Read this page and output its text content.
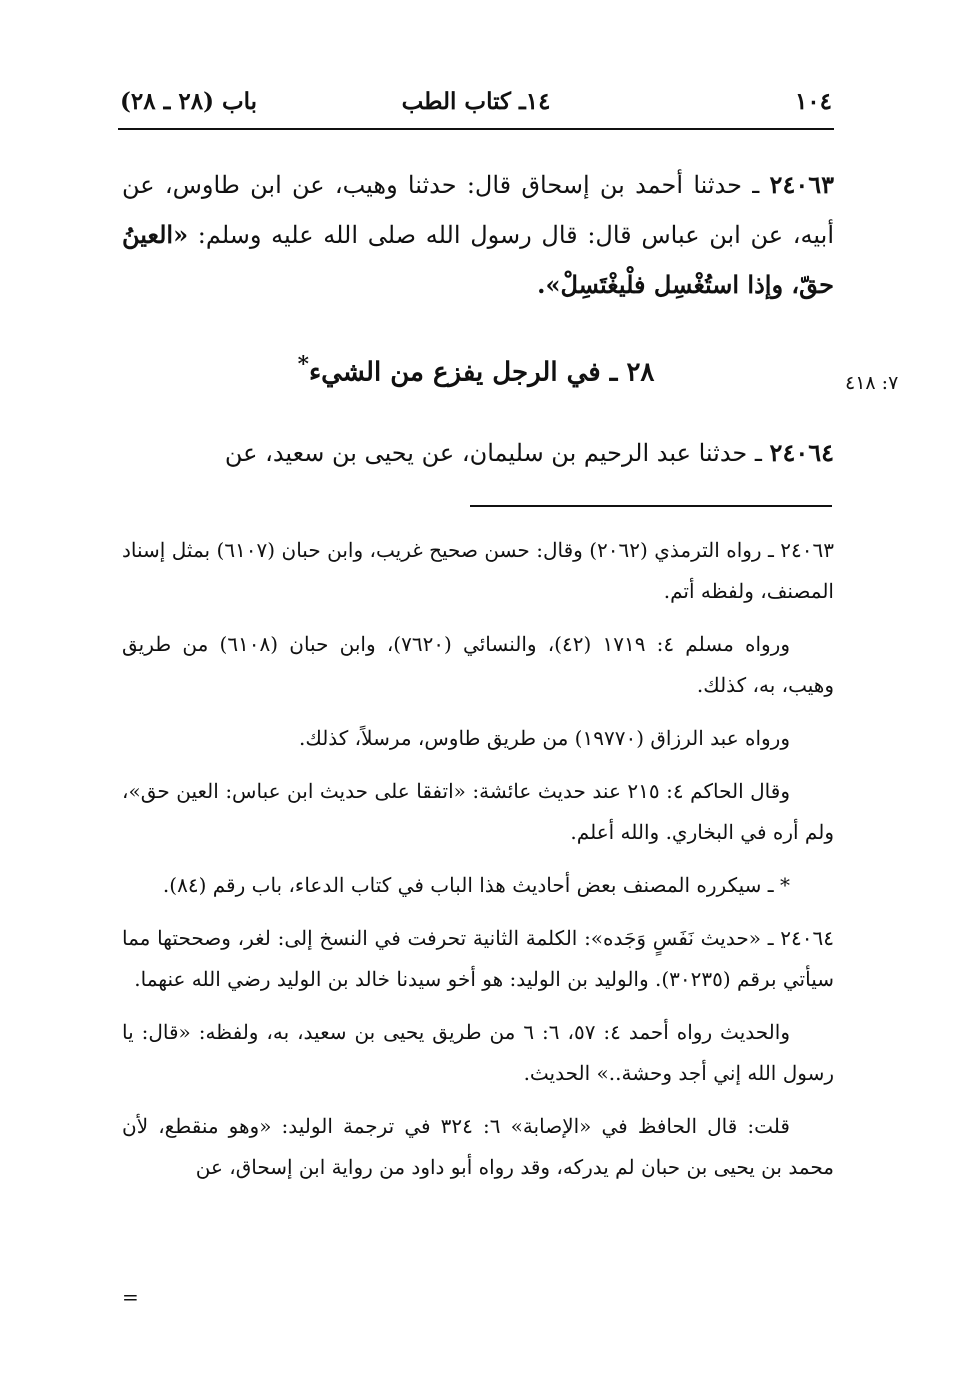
١٠٤
١٤ـ كتاب الطب
باب (٢٨ ـ ٢٨)
٢٤٠٦٣ ـ حدثنا أحمد بن إسحاق قال: حدثنا وهيب، عن ابن طاوس، عن أبيه، عن ابن عباس قال: قال رسول الله صلى الله عليه وسلم: «العينُ حقّ، وإذا استُغْسِل فلْيغْتَسِلْ».
٢٨ ـ في الرجل يفزع من الشيء*
٧: ٤١٨
٢٤٠٦٤ ـ حدثنا عبد الرحيم بن سليمان، عن يحيى بن سعيد، عن

٢٤٠٦٣ ـ رواه الترمذي (٢٠٦٢) وقال: حسن صحيح غريب، وابن حبان (٦١٠٧) بمثل إسناد المصنف، ولفظه أتم.

ورواه مسلم ٤: ١٧١٩ (٤٢)، والنسائي (٧٦٢٠)، وابن حبان (٦١٠٨) من طريق وهيب، به، كذلك.

ورواه عبد الرزاق (١٩٧٧٠) من طريق طاوس، مرسلاً، كذلك.

وقال الحاكم ٤: ٢١٥ عند حديث عائشة: «اتفقا على حديث ابن عباس: العين حق»، ولم أره في البخاري. والله أعلم.

* ـ سيكرره المصنف بعض أحاديث هذا الباب في كتاب الدعاء، باب رقم (٨٤).

٢٤٠٦٤ ـ «حديث نَفَسٍ وَجَده»: الكلمة الثانية تحرفت في النسخ إلى: لغر، وصححتها مما سيأتي برقم (٣٠٢٣٥). والوليد بن الوليد: هو أخو سيدنا خالد بن الوليد رضي الله عنهما.

والحديث رواه أحمد ٤: ٥٧، ٦: ٦ من طريق يحيى بن سعيد، به، ولفظه: «قال: يا رسول الله إني أجد وحشة..» الحديث.

قلت: قال الحافظ في «الإصابة» ٦: ٣٢٤ في ترجمة الوليد: «وهو منقطع، لأن محمد بن يحيى بن حبان لم يدركه، وقد رواه أبو داود من رواية ابن إسحاق، عن

=
